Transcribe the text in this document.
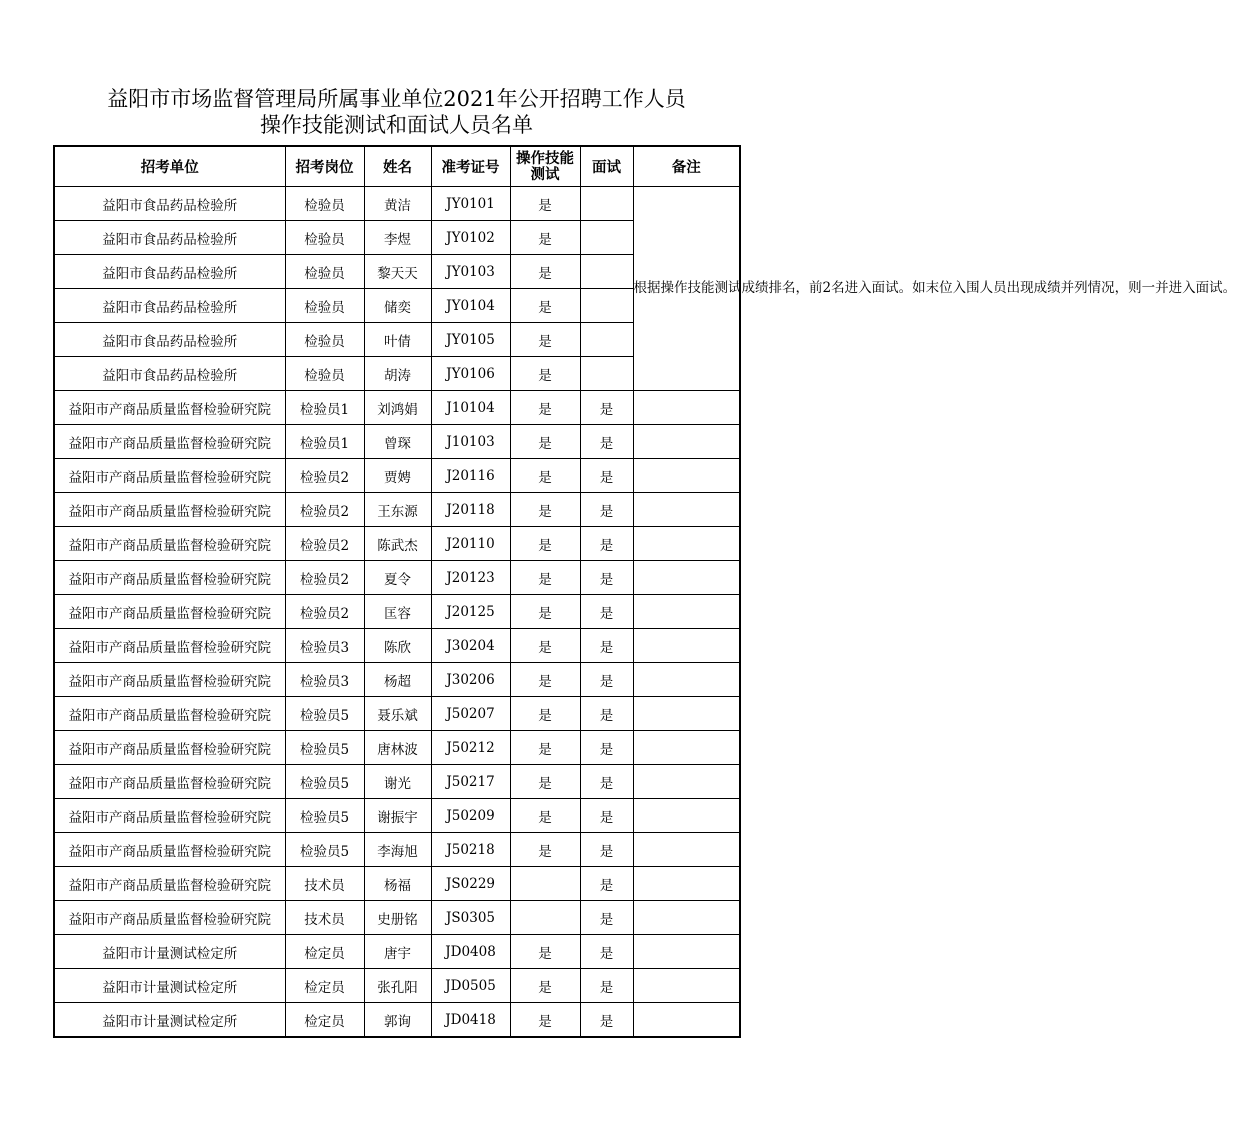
益阳市市场监督管理局所属事业单位2021年公开招聘工作人员
操作技能测试和面试人员名单
招考单位	招考岗位	姓名	准考证号	操作技能测试	面试	备注
益阳市食品药品检验所	检验员	黄洁	JY0101	是		根据操作技能测试成绩排名，前2名进入面试。如末位入围人员出现成绩并列情况，则一并进入面试。
益阳市食品药品检验所	检验员	李煜	JY0102	是		
益阳市食品药品检验所	检验员	黎天天	JY0103	是		
益阳市食品药品检验所	检验员	储奕	JY0104	是		
益阳市食品药品检验所	检验员	叶倩	JY0105	是		
益阳市食品药品检验所	检验员	胡涛	JY0106	是		
益阳市产商品质量监督检验研究院	检验员1	刘鸿娟	J10104	是	是	
益阳市产商品质量监督检验研究院	检验员1	曾琛	J10103	是	是	
益阳市产商品质量监督检验研究院	检验员2	贾娉	J20116	是	是	
益阳市产商品质量监督检验研究院	检验员2	王东源	J20118	是	是	
益阳市产商品质量监督检验研究院	检验员2	陈武杰	J20110	是	是	
益阳市产商品质量监督检验研究院	检验员2	夏令	J20123	是	是	
益阳市产商品质量监督检验研究院	检验员2	匡容	J20125	是	是	
益阳市产商品质量监督检验研究院	检验员3	陈欣	J30204	是	是	
益阳市产商品质量监督检验研究院	检验员3	杨超	J30206	是	是	
益阳市产商品质量监督检验研究院	检验员5	聂乐斌	J50207	是	是	
益阳市产商品质量监督检验研究院	检验员5	唐林波	J50212	是	是	
益阳市产商品质量监督检验研究院	检验员5	谢光	J50217	是	是	
益阳市产商品质量监督检验研究院	检验员5	谢振宇	J50209	是	是	
益阳市产商品质量监督检验研究院	检验员5	李海旭	J50218	是	是	
益阳市产商品质量监督检验研究院	技术员	杨福	JS0229		是	
益阳市产商品质量监督检验研究院	技术员	史册铭	JS0305		是	
益阳市计量测试检定所	检定员	唐宇	JD0408	是	是	
益阳市计量测试检定所	检定员	张孔阳	JD0505	是	是	
益阳市计量测试检定所	检定员	郭询	JD0418	是	是	
